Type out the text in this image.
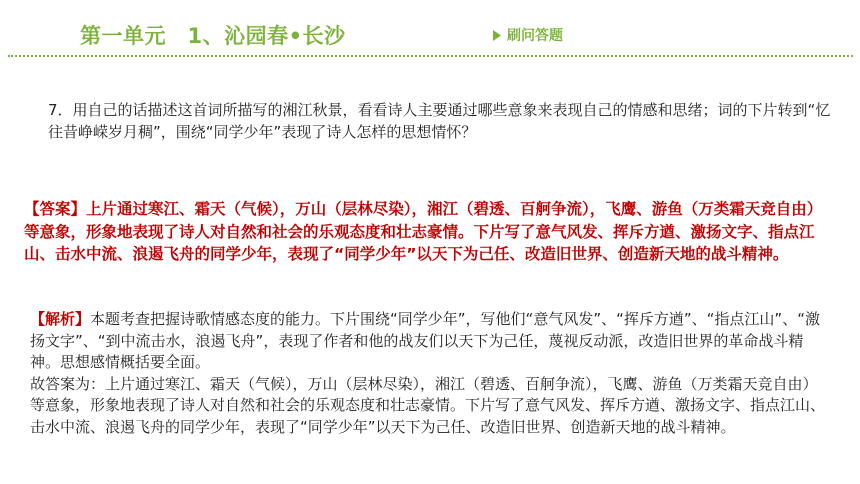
第一单元　1、沁园春•长沙	刷问答题

7．用自己的话描述这首词所描写的湘江秋景，看看诗人主要通过哪些意象来表现自己的情感和思绪；词的下片转到“忆往昔峥嵘岁月稠”，围绕“同学少年”表现了诗人怎样的思想情怀？

【答案】上片通过寒江、霜天（气候），万山（层林尽染），湘江（碧透、百舸争流），飞鹰、游鱼（万类霜天竞自由）等意象，形象地表现了诗人对自然和社会的乐观态度和壮志豪情。下片写了意气风发、挥斥方遒、激扬文字、指点江山、击水中流、浪遏飞舟的同学少年，表现了“同学少年”以天下为己任、改造旧世界、创造新天地的战斗精神。

【解析】本题考查把握诗歌情感态度的能力。下片围绕“同学少年”，写他们“意气风发”、“挥斥方遒”、“指点江山”、“激扬文字”、“到中流击水，浪遏飞舟”，表现了作者和他的战友们以天下为己任，蔑视反动派，改造旧世界的革命战斗精神。思想感情概括要全面。

故答案为：上片通过寒江、霜天（气候），万山（层林尽染），湘江（碧透、百舸争流），飞鹰、游鱼（万类霜天竞自由）等意象，形象地表现了诗人对自然和社会的乐观态度和壮志豪情。下片写了意气风发、挥斥方遒、激扬文字、指点江山、击水中流、浪遏飞舟的同学少年，表现了“同学少年”以天下为己任、改造旧世界、创造新天地的战斗精神。
